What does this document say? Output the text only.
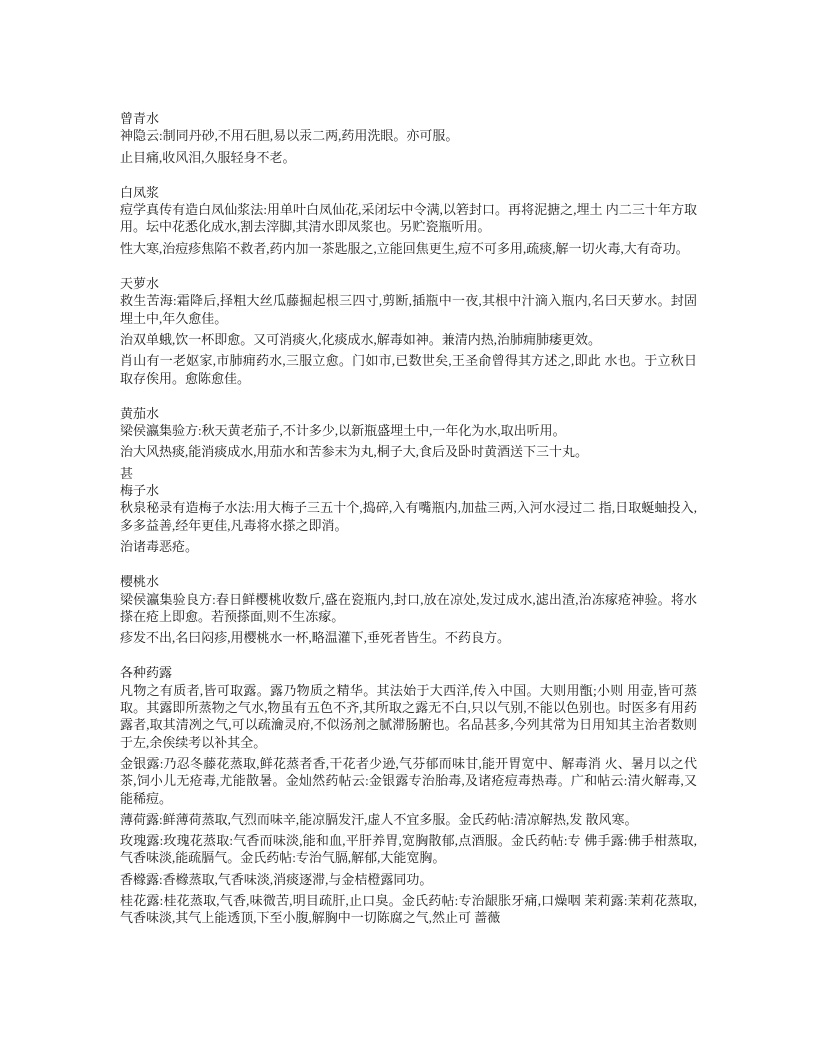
曾青水

神隐云:制同丹砂,不用石胆,易以汞二两,药用洗眼。亦可服。

止目痛,收风泪,久服轻身不老。

白凤浆

痘学真传有造白凤仙浆法:用单叶白凤仙花,采闭坛中令满,以箬封口。再将泥搪之,埋土 内二三十年方取用。坛中花悉化成水,割去滓脚,其清水即凤浆也。另贮瓷瓶听用。

性大寒,治痘疹焦陷不救者,药内加一茶匙服之,立能回焦更生,痘不可多用,疏痰,解一切火毒,大有奇功。

天萝水

救生苦海:霜降后,择粗大丝瓜藤掘起根三四寸,剪断,插瓶中一夜,其根中汁滴入瓶内,名曰天萝水。封固埋土中,年久愈佳。

治双单蛾,饮一杯即愈。又可消痰火,化痰成水,解毒如神。兼清内热,治肺痈肺痿更效。

肖山有一老妪家,市肺痈药水,三服立愈。门如市,已数世矣,王圣俞曾得其方述之,即此 水也。于立秋日取存俟用。愈陈愈佳。

黄茄水

梁侯瀛集验方:秋天黄老茄子,不计多少,以新瓶盛埋土中,一年化为水,取出听用。

治大风热痰,能消痰成水,用茄水和苦参末为丸,桐子大,食后及卧时黄酒送下三十丸。

甚

梅子水

秋泉秘录有造梅子水法:用大梅子三五十个,捣碎,入有嘴瓶内,加盐三两,入河水浸过二 指,日取蜒蚰投入,多多益善,经年更佳,凡毒将水搽之即消。

治诸毒恶疮。

樱桃水

梁侯瀛集验良方:春日鲜樱桃收数斤,盛在瓷瓶内,封口,放在凉处,发过成水,滤出渣,治冻瘃疮神验。将水搽在疮上即愈。若预搽面,则不生冻瘃。

疹发不出,名曰闷疹,用樱桃水一杯,略温灌下,垂死者皆生。不药良方。

各种药露

凡物之有质者,皆可取露。露乃物质之精华。其法始于大西洋,传入中国。大则用甑;小则 用壶,皆可蒸取。其露即所蒸物之气水,物虽有五色不齐,其所取之露无不白,只以气别,不能以色别也。时医多有用药露者,取其清冽之气,可以疏瀹灵府,不似汤剂之腻滞肠腑也。名品甚多,今列其常为日用知其主治者数则于左,余俟续考以补其全。

金银露:乃忍冬藤花蒸取,鲜花蒸者香,干花者少逊,气芬郁而味甘,能开胃宽中、解毒消 火、暑月以之代茶,饲小儿无疮毒,尤能散暑。金灿然药帖云:金银露专治胎毒,及诸疮痘毒热毒。广和帖云:清火解毒,又能稀痘。

薄荷露:鲜薄荷蒸取,气烈而味辛,能凉膈发汗,虚人不宜多服。金氏药帖:清凉解热,发 散风寒。

玫瑰露:玫瑰花蒸取:气香而味淡,能和血,平肝养胃,宽胸散郁,点酒服。金氏药帖:专 佛手露:佛手柑蒸取,气香味淡,能疏膈气。金氏药帖:专治气膈,解郁,大能宽胸。

香橼露:香橼蒸取,气香味淡,消痰逐滞,与金桔橙露同功。

桂花露:桂花蒸取,气香,味微苦,明目疏肝,止口臭。金氏药帖:专治龈胀牙痛,口燥咽 茉莉露:茉莉花蒸取,气香味淡,其气上能透顶,下至小腹,解胸中一切陈腐之气,然止可 蔷薇
